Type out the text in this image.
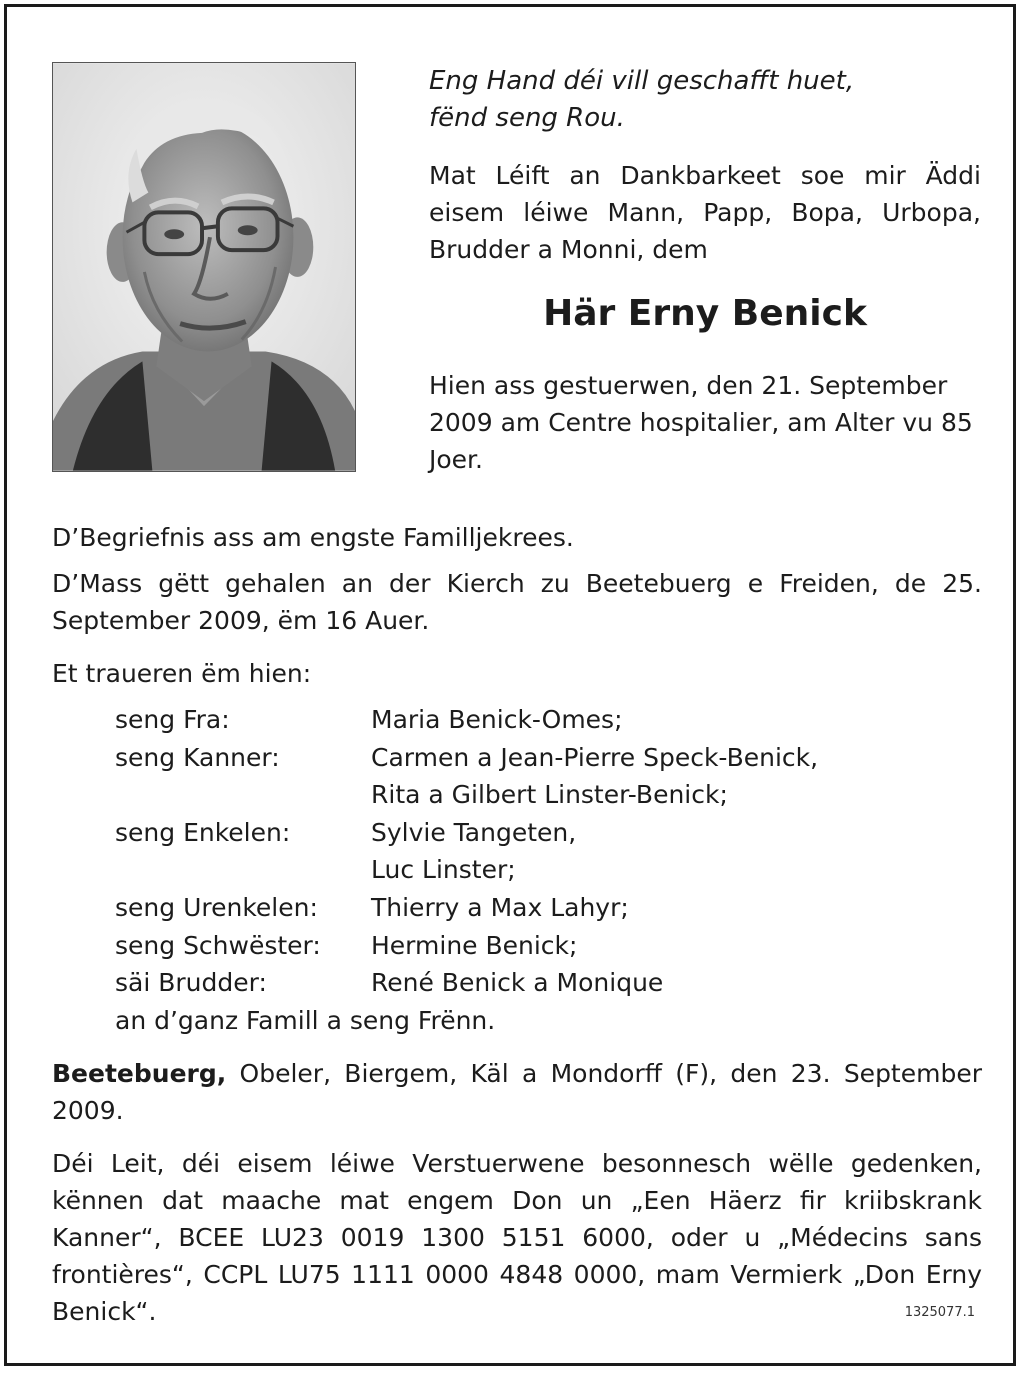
Eng Hand déi vill geschafft huet,
fënd seng Rou.

Mat Léift an Dankbarkeet soe mir Äddi eisem léiwe Mann, Papp, Bopa, Urbopa, Brudder a Monni, dem

Här Erny Benick

Hien ass gestuerwen, den 21. September 2009 am Centre hospitalier, am Alter vu 85 Joer.

D’Begriefnis ass am engste Familljekrees.

D’Mass gëtt gehalen an der Kierch zu Beetebuerg e Freiden, de 25. September 2009, ëm 16 Auer.

Et traueren ëm hien:

seng Fra:	Maria Benick-Omes;
seng Kanner:	Carmen a Jean-Pierre Speck-Benick,
Rita a Gilbert Linster-Benick;
seng Enkelen:	Sylvie Tangeten,
Luc Linster;
seng Urenkelen:	Thierry a Max Lahyr;
seng Schwëster:	Hermine Benick;
säi Brudder:	René Benick a Monique
an d’ganz Famill a seng Frënn.

Beetebuerg, Obeler, Biergem, Käl a Mondorff (F), den 23. September 2009.

Déi Leit, déi eisem léiwe Verstuerwene besonnesch wëlle gedenken, kënnen dat maache mat engem Don un „Een Häerz fir kriibskrank Kanner“, BCEE LU23 0019 1300 5151 6000, oder u „Médecins sans frontières“, CCPL LU75 1111 0000 4848 0000, mam Vermierk „Don Erny Benick“.	1325077.1
